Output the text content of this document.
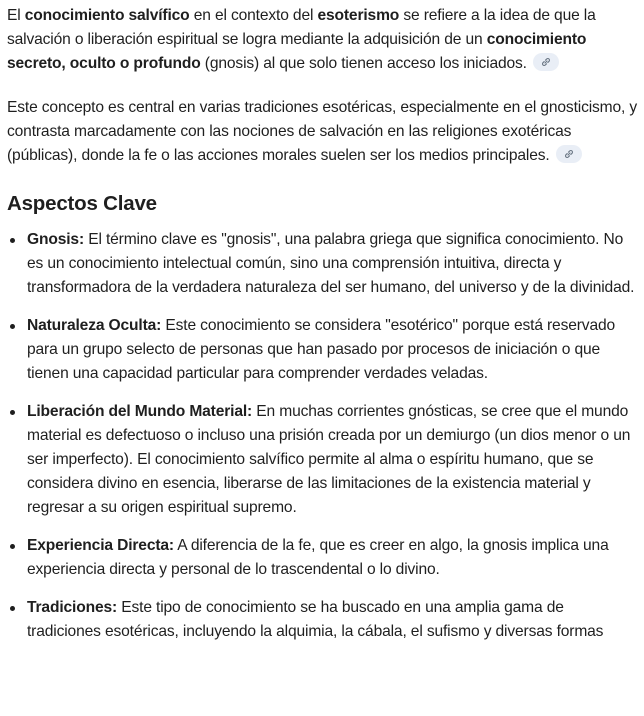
El conocimiento salvífico en el contexto del esoterismo se refiere a la idea de que la salvación o liberación espiritual se logra mediante la adquisición de un conocimiento secreto, oculto o profundo (gnosis) al que solo tienen acceso los iniciados.

Este concepto es central en varias tradiciones esotéricas, especialmente en el gnosticismo, y contrasta marcadamente con las nociones de salvación en las religiones exotéricas (públicas), donde la fe o las acciones morales suelen ser los medios principales.

Aspectos Clave
Gnosis: El término clave es "gnosis", una palabra griega que significa conocimiento. No es un conocimiento intelectual común, sino una comprensión intuitiva, directa y transformadora de la verdadera naturaleza del ser humano, del universo y de la divinidad.
Naturaleza Oculta: Este conocimiento se considera "esotérico" porque está reservado para un grupo selecto de personas que han pasado por procesos de iniciación o que tienen una capacidad particular para comprender verdades veladas.
Liberación del Mundo Material: En muchas corrientes gnósticas, se cree que el mundo material es defectuoso o incluso una prisión creada por un demiurgo (un dios menor o un ser imperfecto). El conocimiento salvífico permite al alma o espíritu humano, que se considera divino en esencia, liberarse de las limitaciones de la existencia material y regresar a su origen espiritual supremo.
Experiencia Directa: A diferencia de la fe, que es creer en algo, la gnosis implica una experiencia directa y personal de lo trascendental o lo divino.
Tradiciones: Este tipo de conocimiento se ha buscado en una amplia gama de tradiciones esotéricas, incluyendo la alquimia, la cábala, el sufismo y diversas formas
